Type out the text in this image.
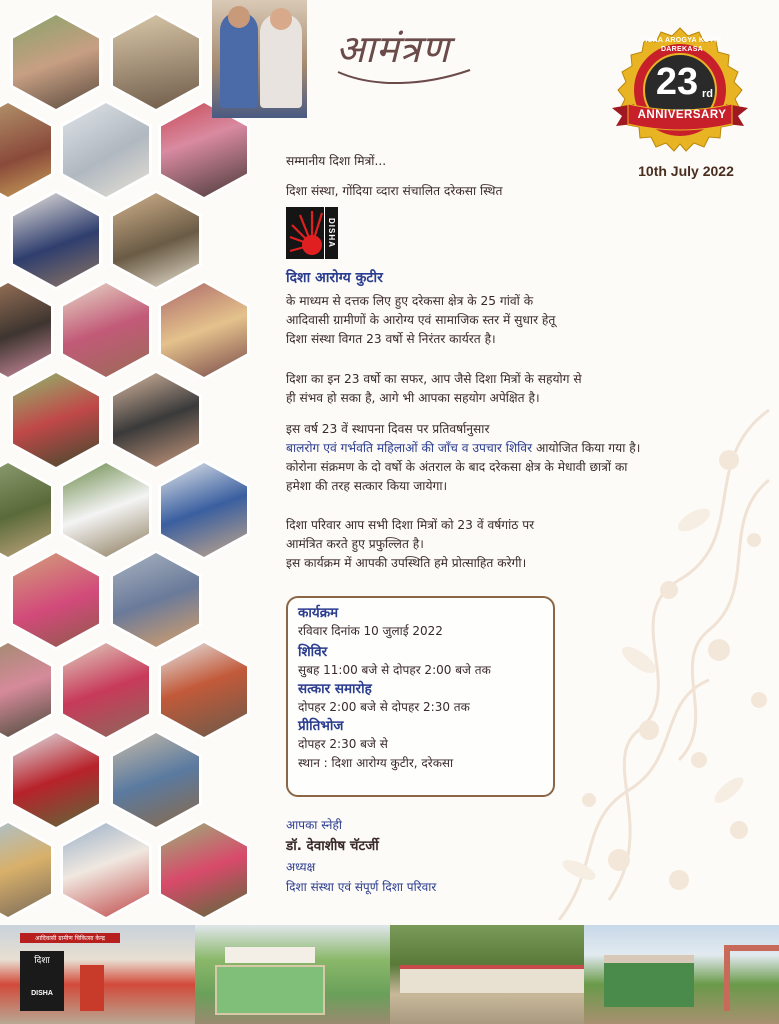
आमंत्रण	DISHA AROGYA KUTIR, DAREKASA
23 rd
ANNIVERSARY
10th July 2022
सम्मानीय दिशा मित्रों...
दिशा संस्था, गोंदिया व्दारा संचालित दरेकसा स्थित
DISHA
दिशा आरोग्य कुटीर
के माध्यम से दत्तक लिए हुए दरेकसा क्षेत्र के 25 गांवों के
आदिवासी ग्रामीणों के आरोग्य एवं सामाजिक स्तर में सुधार हेतू
दिशा संस्था विगत 23 वर्षो से निरंतर कार्यरत है।
दिशा का इन 23 वर्षो का सफर, आप जैसे दिशा मित्रों के सहयोग से
ही संभव हो सका है, आगे भी आपका सहयोग अपेक्षित है।
इस वर्ष 23 वें स्थापना दिवस पर प्रतिवर्षानुसार
बालरोग एवं गर्भवति महिलाओं की जाँच व उपचार शिविर आयोजित किया गया है।
कोरोना संक्रमण के दो वर्षो के अंतराल के बाद दरेकसा क्षेत्र के मेधावी छात्रों का
हमेशा की तरह सत्कार किया जायेगा।
दिशा परिवार आप सभी दिशा मित्रों को 23 वें वर्षगांठ पर
आमंत्रित करते हुए प्रफुल्लित है।
इस कार्यक्रम में आपकी उपस्थिति हमे प्रोत्साहित करेगी।
कार्यक्रम
रविवार दिनांक 10 जुलाई 2022
शिविर
सुबह 11:00 बजे से दोपहर 2:00 बजे तक
सत्कार समारोह
दोपहर 2:00 बजे से दोपहर 2:30 तक
प्रीतिभोज
दोपहर 2:30 बजे से
स्थान : दिशा आरोग्य कुटीर, दरेकसा
आपका स्नेही
डॉ. देवाशीष चॅटर्जी
अध्यक्ष
दिशा संस्था एवं संपूर्ण दिशा परिवार
आदिवासी ग्रामीण चिकित्सा केन्द्र
दिशा
DISHA
